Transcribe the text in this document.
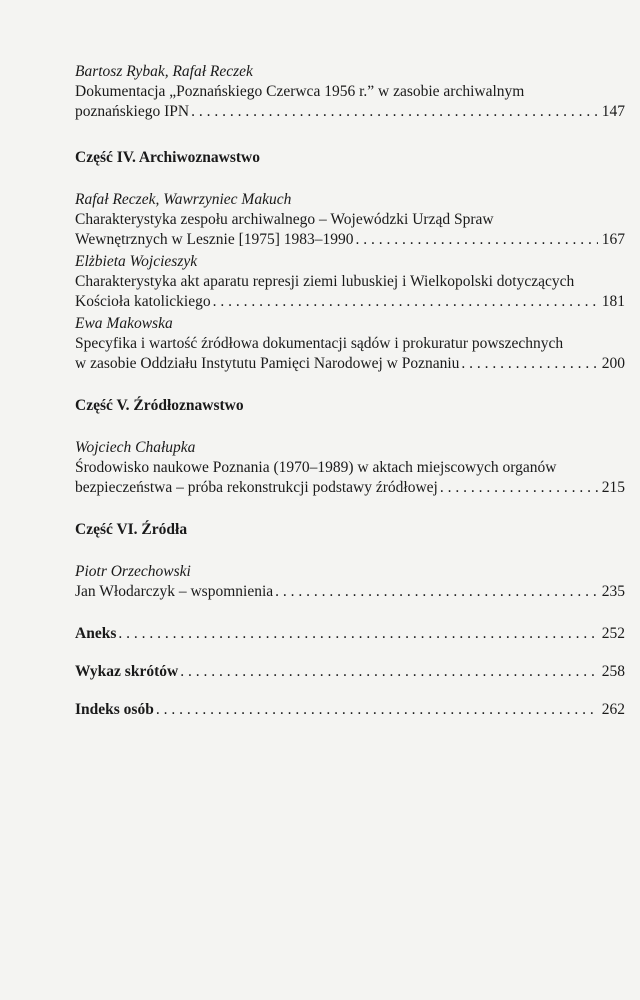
Bartosz Rybak, Rafał Reczek
Dokumentacja „Poznańskiego Czerwca 1956 r.” w zasobie archiwalnym
poznańskiego IPN . . .	147
Część IV. Archiwoznawstwo
Rafał Reczek, Wawrzyniec Makuch
Charakterystyka zespołu archiwalnego – Wojewódzki Urząd Spraw
Wewnętrznych w Lesznie [1975] 1983–1990 . . .	167
Elżbieta Wojcieszyk
Charakterystyka akt aparatu represji ziemi lubuskiej i Wielkopolski dotyczących
Kościoła katolickiego . . .	181
Ewa Makowska
Specyfika i wartość źródłowa dokumentacji sądów i prokuratur powszechnych
w zasobie Oddziału Instytutu Pamięci Narodowej w Poznaniu . . .	200
Część V. Źródłoznawstwo
Wojciech Chałupka
Środowisko naukowe Poznania (1970–1989) w aktach miejscowych organów
bezpieczeństwa – próba rekonstrukcji podstawy źródłowej . . .	215
Część VI. Źródła
Piotr Orzechowski
Jan Włodarczyk – wspomnienia . . .	235
Aneks . . .	252
Wykaz skrótów . . .	258
Indeks osób . . .	262
